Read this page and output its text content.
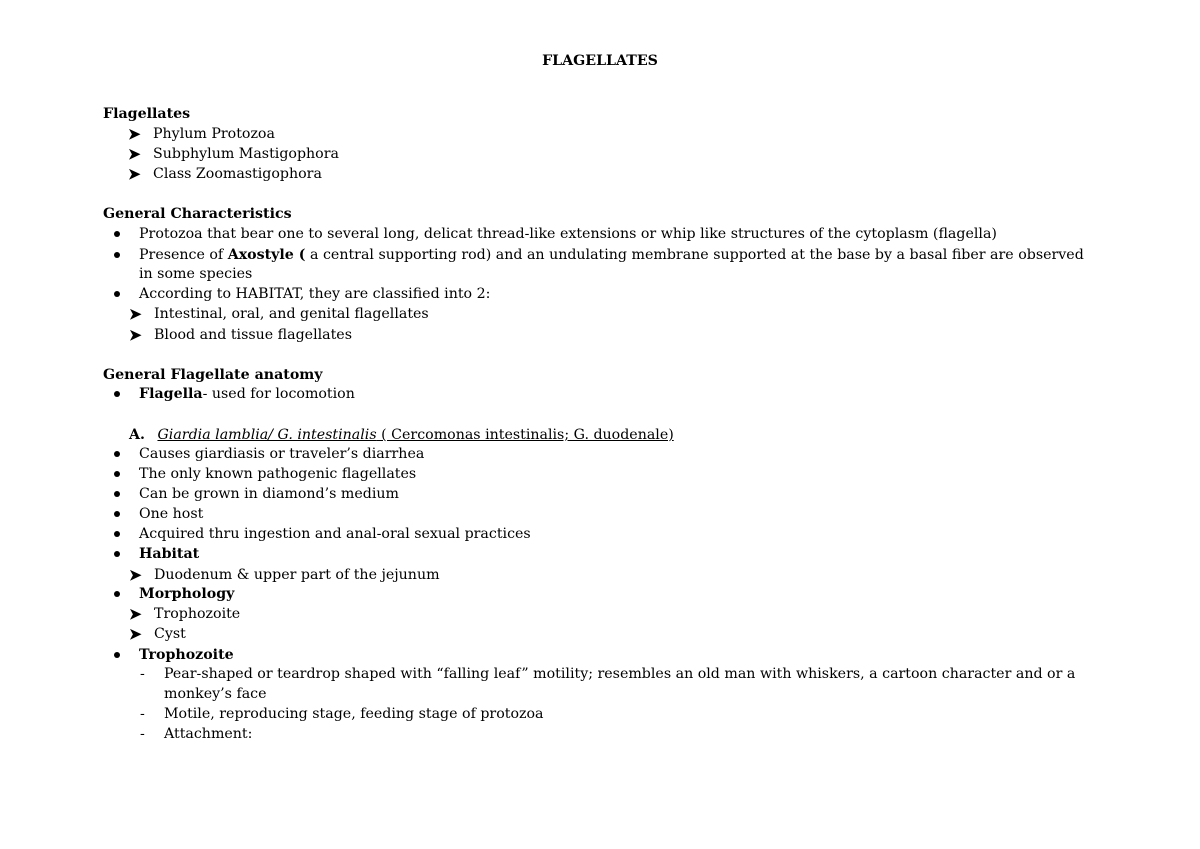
FLAGELLATES
Flagellates
➤ Phylum Protozoa
➤ Subphylum Mastigophora
➤ Class Zoomastigophora
General Characteristics
Protozoa that bear one to several long, delicat thread-like extensions or whip like structures of the cytoplasm (flagella)
Presence of Axostyle ( a central supporting rod) and an undulating membrane supported at the base by a basal fiber are observed
in some species
According to HABITAT, they are classified into 2:
➤ Intestinal, oral, and genital flagellates
➤ Blood and tissue flagellates
General Flagellate anatomy
Flagella- used for locomotion
A. Giardia lamblia/ G. intestinalis ( Cercomonas intestinalis; G. duodenale)
Causes giardiasis or traveler’s diarrhea
The only known pathogenic flagellates
Can be grown in diamond’s medium
One host
Acquired thru ingestion and anal-oral sexual practices
Habitat
➤ Duodenum & upper part of the jejunum
Morphology
➤ Trophozoite
➤ Cyst
Trophozoite
- Pear-shaped or teardrop shaped with “falling leaf” motility; resembles an old man with whiskers, a cartoon character and or a
monkey’s face
- Motile, reproducing stage, feeding stage of protozoa
- Attachment:
